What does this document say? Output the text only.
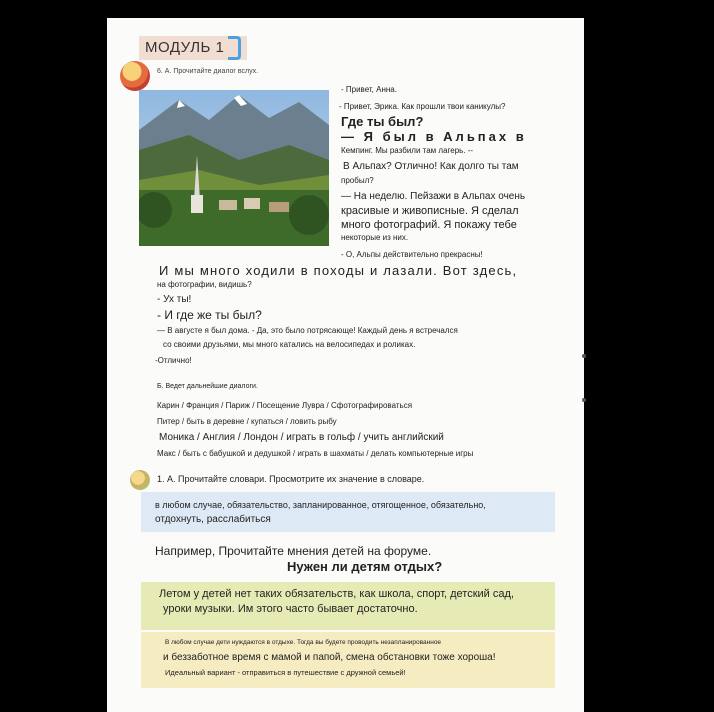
МОДУЛЬ 1
6. А. Прочитайте диалог вслух.
- Привет, Анна.
- Привет, Эрика. Как прошли твои каникулы?
Где ты был?
— Я был в Альпах в
Кемпинг. Мы разбили там лагерь. --
В Альпах? Отлично! Как долго ты там
пробыл?
— На неделю. Пейзажи в Альпах очень
красивые и живописные. Я сделал
много фотографий. Я покажу тебе
некоторые из них.
- О, Альпы действительно прекрасны!
И мы много ходили в походы и лазали. Вот здесь,
на фотографии, видишь?
- Ух ты!
- И где же ты был?
— В августе я был дома. - Да, это было потрясающе! Каждый день я встречался
со своими друзьями, мы много катались на велосипедах и роликах.
-Отлично!
Б. Ведет дальнейшие диалоги.
Карин / Франция / Париж / Посещение Лувра / Сфотографироваться
Питер / быть в деревне / купаться / ловить рыбу
Моника / Англия / Лондон / играть в гольф / учить английский
Макс / быть с бабушкой и дедушкой / играть в шахматы / делать компьютерные игры
1. А. Прочитайте словари. Просмотрите их значение в словаре.
в любом случае, обязательство, запланированное, отягощенное, обязательно,
отдохнуть, расслабиться
Например, Прочитайте мнения детей на форуме.
Нужен ли детям отдых?
Летом у детей нет таких обязательств, как школа, спорт, детский сад,
уроки музыки. Им этого часто бывает достаточно.
В любом случае дети нуждаются в отдыхе. Тогда вы будете проводить незапланированное
и беззаботное время с мамой и папой, смена обстановки тоже хороша!
Идеальный вариант - отправиться в путешествие с дружной семьей!
